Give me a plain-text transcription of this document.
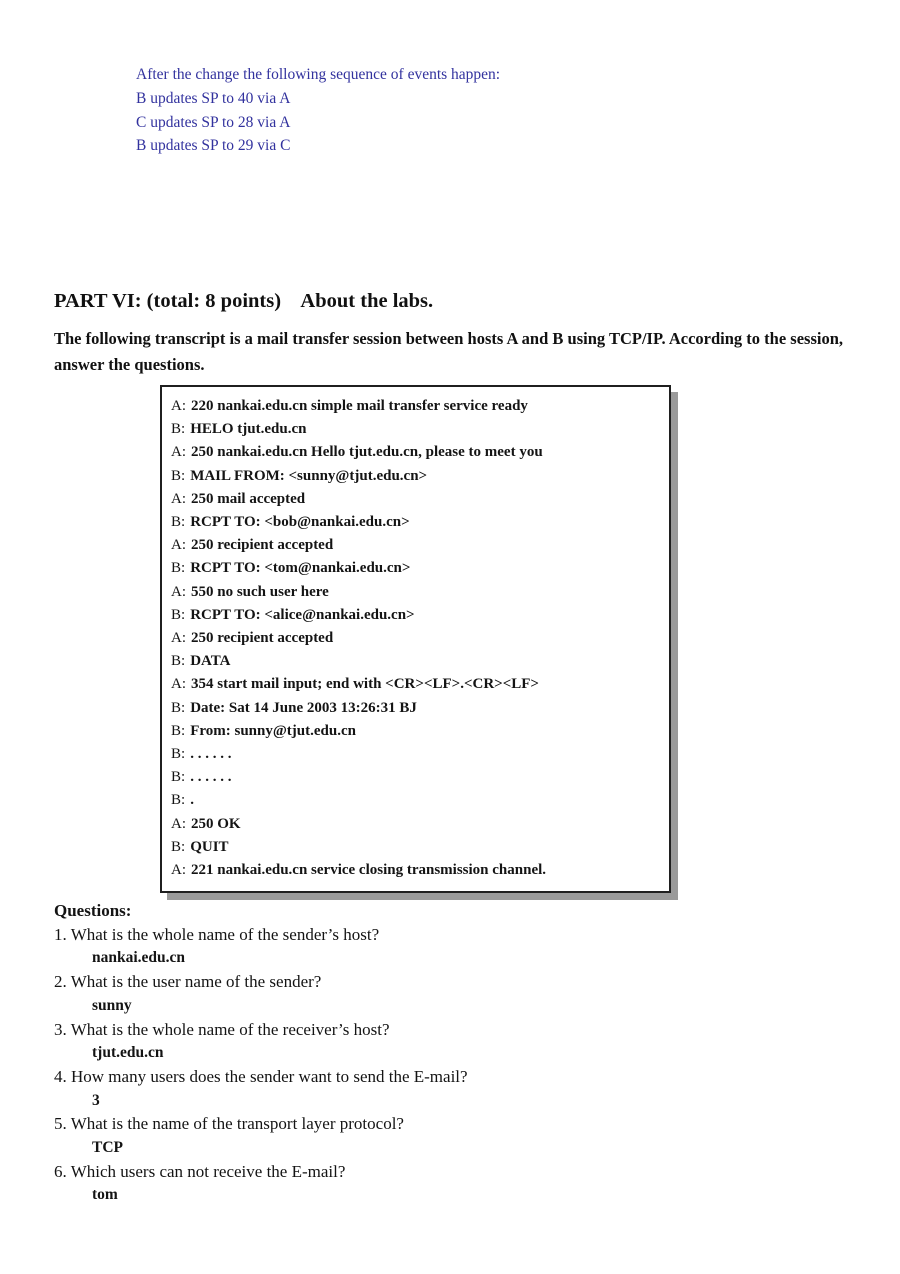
After the change the following sequence of events happen:
B updates SP to 40 via A
C updates SP to 28 via A
B updates SP to 29 via C
PART VI: (total: 8 points)    About the labs.
The following transcript is a mail transfer session between hosts A and B using TCP/IP. According to the session, answer the questions.
A: 220 nankai.edu.cn simple mail transfer service ready
B: HELO tjut.edu.cn
A: 250 nankai.edu.cn Hello tjut.edu.cn, please to meet you
B: MAIL FROM: <sunny@tjut.edu.cn>
A: 250 mail accepted
B: RCPT TO: <bob@nankai.edu.cn>
A: 250 recipient accepted
B: RCPT TO: <tom@nankai.edu.cn>
A: 550 no such user here
B: RCPT TO: <alice@nankai.edu.cn>
A: 250 recipient accepted
B: DATA
A: 354 start mail input; end with <CR><LF>.<CR><LF>
B: Date: Sat 14 June 2003 13:26:31 BJ
B: From: sunny@tjut.edu.cn
B: . . . . . .
B: . . . . . .
B: .
A: 250 OK
B: QUIT
A: 221 nankai.edu.cn service closing transmission channel.
Questions:
1. What is the whole name of the sender’s host?
nankai.edu.cn
2. What is the user name of the sender?
sunny
3. What is the whole name of the receiver’s host?
tjut.edu.cn
4. How many users does the sender want to send the E-mail?
3
5. What is the name of the transport layer protocol?
TCP
6. Which users can not receive the E-mail?
tom
